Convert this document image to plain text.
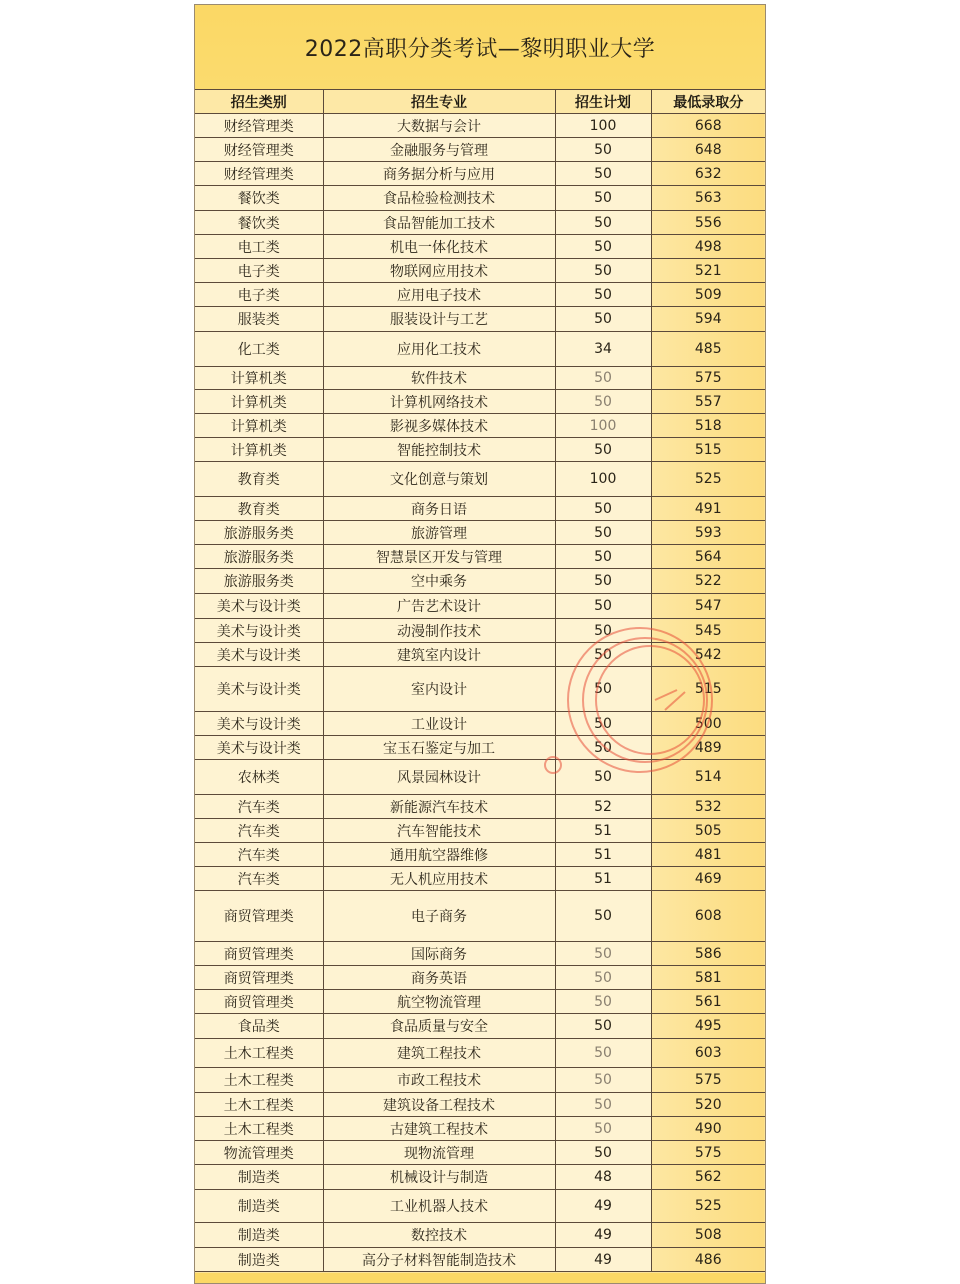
2022高职分类考试—黎明职业大学
招生类别	招生专业	招生计划	最低录取分
财经管理类	大数据与会计	100	668
财经管理类	金融服务与管理	50	648
财经管理类	商务据分析与应用	50	632
餐饮类	食品检验检测技术	50	563
餐饮类	食品智能加工技术	50	556
电工类	机电一体化技术	50	498
电子类	物联网应用技术	50	521
电子类	应用电子技术	50	509
服装类	服装设计与工艺	50	594
化工类	应用化工技术	34	485
计算机类	软件技术	50	575
计算机类	计算机网络技术	50	557
计算机类	影视多媒体技术	100	518
计算机类	智能控制技术	50	515
教育类	文化创意与策划	100	525
教育类	商务日语	50	491
旅游服务类	旅游管理	50	593
旅游服务类	智慧景区开发与管理	50	564
旅游服务类	空中乘务	50	522
美术与设计类	广告艺术设计	50	547
美术与设计类	动漫制作技术	50	545
美术与设计类	建筑室内设计	50	542
美术与设计类	室内设计	50	515
美术与设计类	工业设计	50	500
美术与设计类	宝玉石鉴定与加工	50	489
农林类	风景园林设计	50	514
汽车类	新能源汽车技术	52	532
汽车类	汽车智能技术	51	505
汽车类	通用航空器维修	51	481
汽车类	无人机应用技术	51	469
商贸管理类	电子商务	50	608
商贸管理类	国际商务	50	586
商贸管理类	商务英语	50	581
商贸管理类	航空物流管理	50	561
食品类	食品质量与安全	50	495
土木工程类	建筑工程技术	50	603
土木工程类	市政工程技术	50	575
土木工程类	建筑设备工程技术	50	520
土木工程类	古建筑工程技术	50	490
物流管理类	现物流管理	50	575
制造类	机械设计与制造	48	562
制造类	工业机器人技术	49	525
制造类	数控技术	49	508
制造类	高分子材料智能制造技术	49	486
